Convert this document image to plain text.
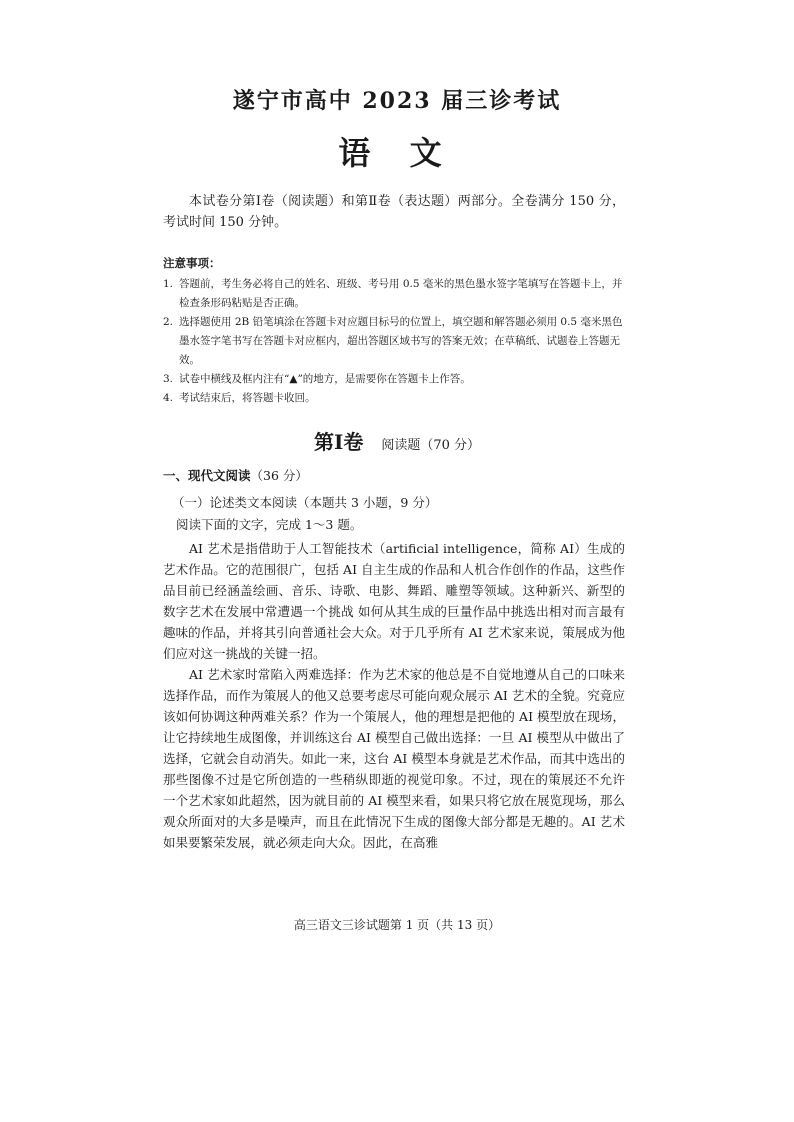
遂宁市高中 2023 届三诊考试
语 文
本试卷分第Ⅰ卷（阅读题）和第Ⅱ卷（表达题）两部分。全卷满分 150 分，考试时间 150 分钟。
注意事项：
1. 答题前，考生务必将自己的姓名、班级、考号用 0.5 毫米的黑色墨水签字笔填写在答题卡上，并检查条形码粘贴是否正确。
2. 选择题使用 2B 铅笔填涂在答题卡对应题目标号的位置上，填空题和解答题必须用 0.5 毫米黑色墨水签字笔书写在答题卡对应框内，超出答题区域书写的答案无效；在草稿纸、试题卷上答题无效。
3. 试卷中横线及框内注有“▲”的地方，是需要你在答题卡上作答。
4. 考试结束后，将答题卡收回。
第Ⅰ卷 阅读题（70 分）
一、现代文阅读（36 分）
（一）论述类文本阅读（本题共 3 小题，9 分）
阅读下面的文字，完成 1～3 题。

AI 艺术是指借助于人工智能技术（artificial intelligence，简称 AI）生成的艺术作品。它的范围很广，包括 AI 自主生成的作品和人机合作创作的作品，这些作品目前已经涵盖绘画、音乐、诗歌、电影、舞蹈、雕塑等领域。这种新兴、新型的数字艺术在发展中常遭遇一个挑战 如何从其生成的巨量作品中挑选出相对而言最有趣味的作品，并将其引向普通社会大众。对于几乎所有 AI 艺术家来说，策展成为他们应对这一挑战的关键一招。

AI 艺术家时常陷入两难选择：作为艺术家的他总是不自觉地遵从自己的口味来选择作品，而作为策展人的他又总要考虑尽可能向观众展示 AI 艺术的全貌。究竟应该如何协调这种两难关系？作为一个策展人，他的理想是把他的 AI 模型放在现场，让它持续地生成图像，并训练这台 AI 模型自己做出选择：一旦 AI 模型从中做出了选择，它就会自动消失。如此一来，这台 AI 模型本身就是艺术作品，而其中选出的那些图像不过是它所创造的一些稍纵即逝的视觉印象。不过，现在的策展还不允许一个艺术家如此超然，因为就目前的 AI 模型来看，如果只将它放在展览现场，那么观众所面对的大多是噪声，而且在此情况下生成的图像大部分都是无趣的。AI 艺术如果要繁荣发展，就必须走向大众。因此，在高雅

高三语文三诊试题第 1 页（共 13 页）
